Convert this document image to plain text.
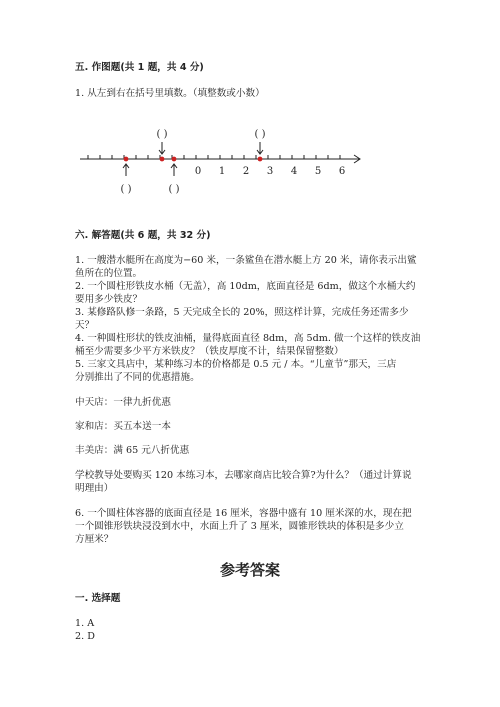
五. 作图题(共 1 题，共 4 分)
1. 从左到右在括号里填数。（填整数或小数）
0 1 2 3 4 5 6
( )	( )
( )	( )
六. 解答题(共 6 题，共 32 分)
1. 一艘潜水艇所在高度为−60 米，一条鲨鱼在潜水艇上方 20 米，请你表示出鲨
鱼所在的位置。
2. 一个圆柱形铁皮水桶（无盖），高 10dm，底面直径是 6dm，做这个水桶大约
要用多少铁皮？
3. 某修路队修一条路，5 天完成全长的 20%，照这样计算，完成任务还需多少
天？
4. 一种圆柱形状的铁皮油桶，量得底面直径 8dm，高 5dm. 做一个这样的铁皮油
桶至少需要多少平方米铁皮？（铁皮厚度不计，结果保留整数）
5. 三家文具店中，某种练习本的价格都是 0.5 元 / 本。“儿童节”那天，三店
分别推出了不同的优惠措施。
中天店：一律九折优惠
家和店：买五本送一本
丰美店：满 65 元八折优惠
学校教导处要购买 120 本练习本，去哪家商店比较合算?为什么？（通过计算说
明理由）
6. 一个圆柱体容器的底面直径是 16 厘米，容器中盛有 10 厘米深的水，现在把
一个圆锥形铁块浸没到水中，水面上升了 3 厘米，圆锥形铁块的体积是多少立
方厘米？
参考答案
一. 选择题
1. A
2. D
